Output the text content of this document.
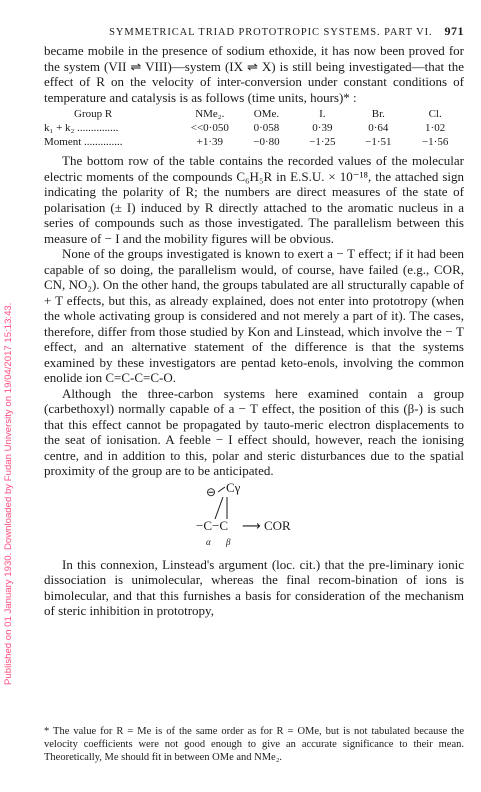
Published on 01 January 1930. Downloaded by Fudan University on 19/04/2017 15:13:43.
SYMMETRICAL TRIAD PROTOTROPIC SYSTEMS. PART VI. 971

became mobile in the presence of sodium ethoxide, it has now been proved for the system (VII ⇌ VIII)—system (IX ⇌ X) is still being investigated—that the effect of R on the velocity of inter-conversion under constant conditions of temperature and catalysis is as follows (time units, hours)* :

Group R	NMe₂.	OMe.	I.	Br.	Cl.
k₁ + k₂ ...............	<<0·050	0·058	0·39	0·64	1·02
Moment ..............	+1·39	−0·80	−1·25	−1·51	−1·56

The bottom row of the table contains the recorded values of the molecular electric moments of the compounds C₆H₅R in E.S.U. × 10⁻¹⁸, the attached sign indicating the polarity of R; the numbers are direct measures of the state of polarisation (± I) induced by R directly attached to the aromatic nucleus in a series of compounds such as those investigated. The parallelism between this measure of − I and the mobility figures will be obvious.

None of the groups investigated is known to exert a − T effect; if it had been capable of so doing, the parallelism would, of course, have failed (e.g., COR, CN, NO₂). On the other hand, the groups tabulated are all structurally capable of + T effects, but this, as already explained, does not enter into prototropy (when the whole activating group is considered and not merely a part of it). The cases, therefore, differ from those studied by Kon and Linstead, which involve the − T effect, and an alternative statement of the difference is that the systems examined by these investigators are pentad keto-enols, involving the common enolide ion C=C-C=C-O.

Although the three-carbon systems here examined contain a group (carbethoxyl) normally capable of a − T effect, the position of this (β-) is such that this effect cannot be propagated by tauto-meric electron displacements to the seat of ionisation. A feeble − I effect should, however, reach the ionising centre, and in addition to this, polar and steric disturbances due to the spatial proximity of the group are to be anticipated.

⊖ Cγ
−C−C ⟶ COR
α β

In this connexion, Linstead's argument (loc. cit.) that the pre-liminary ionic dissociation is unimolecular, whereas the final recom-bination of ions is bimolecular, and that this furnishes a basis for consideration of the mechanism of steric inhibition in prototropy,

* The value for R = Me is of the same order as for R = OMe, but is not tabulated because the velocity coefficients were not good enough to give an accurate significance to their mean. Theoretically, Me should fit in between OMe and NMe₂.
